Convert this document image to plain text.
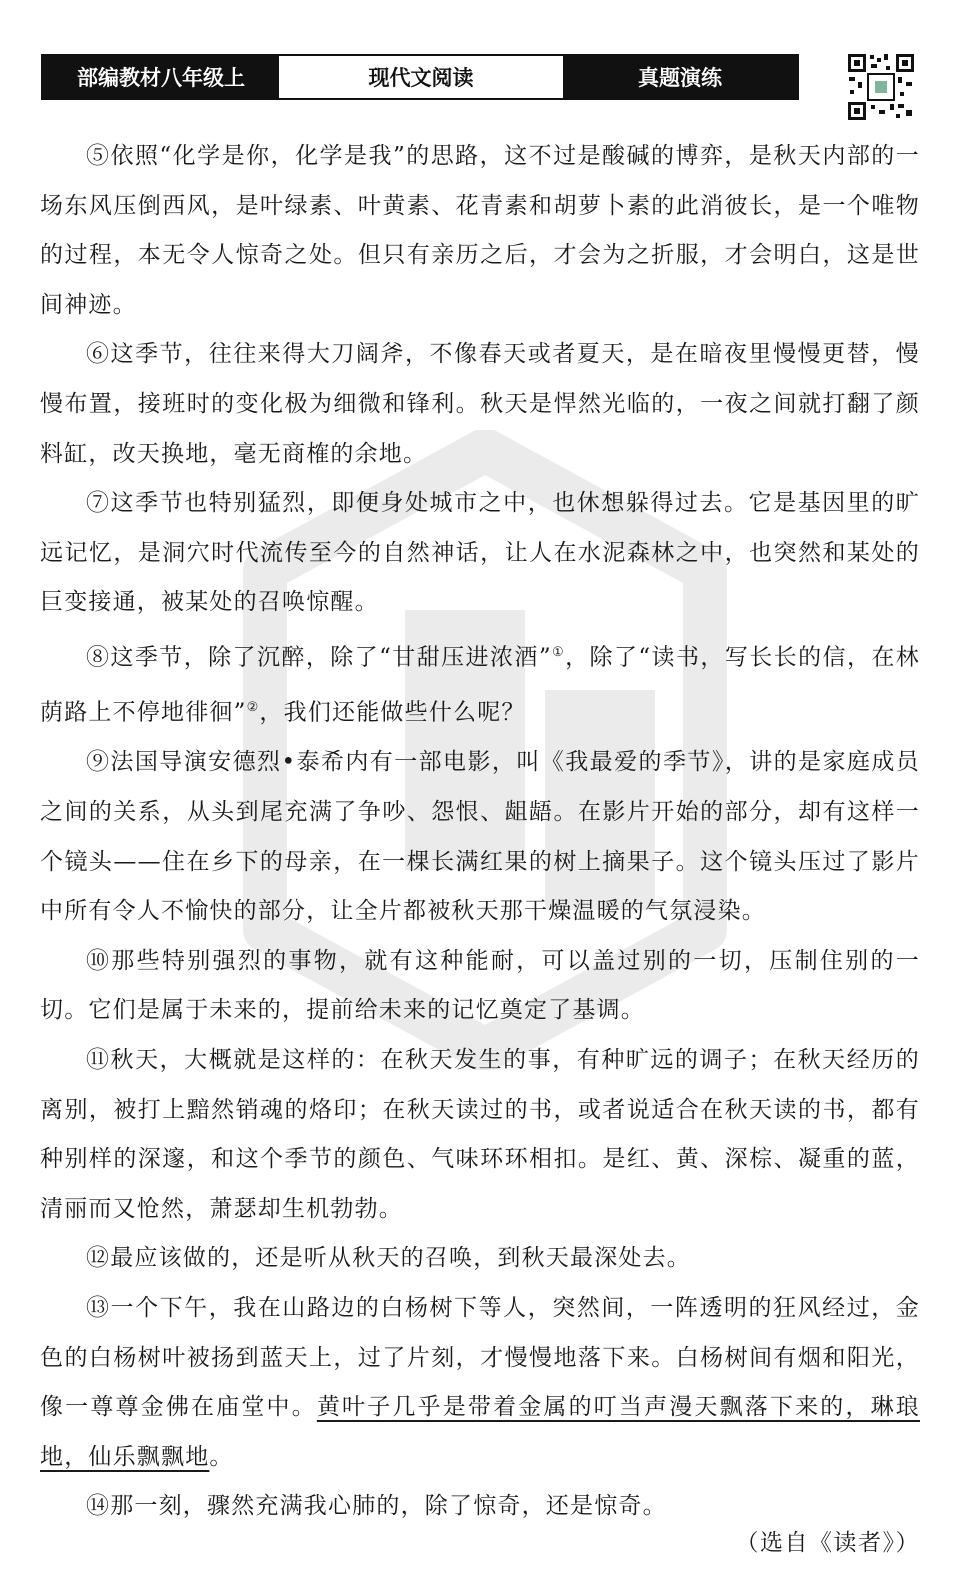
部编教材八年级上	现代文阅读	真题演练

⑤依照“化学是你，化学是我”的思路，这不过是酸碱的博弈，是秋天内部的一场东风压倒西风，是叶绿素、叶黄素、花青素和胡萝卜素的此消彼长，是一个唯物的过程，本无令人惊奇之处。但只有亲历之后，才会为之折服，才会明白，这是世间神迹。

⑥这季节，往往来得大刀阔斧，不像春天或者夏天，是在暗夜里慢慢更替，慢慢布置，接班时的变化极为细微和锋利。秋天是悍然光临的，一夜之间就打翻了颜料缸，改天换地，毫无商榷的余地。

⑦这季节也特别猛烈，即便身处城市之中，也休想躲得过去。它是基因里的旷远记忆，是洞穴时代流传至今的自然神话，让人在水泥森林之中，也突然和某处的巨变接通，被某处的召唤惊醒。

⑧这季节，除了沉醉，除了“甘甜压进浓酒”①，除了“读书，写长长的信，在林荫路上不停地徘徊”②，我们还能做些什么呢？

⑨法国导演安德烈•泰希内有一部电影，叫《我最爱的季节》，讲的是家庭成员之间的关系，从头到尾充满了争吵、怨恨、龃龉。在影片开始的部分，却有这样一个镜头——住在乡下的母亲，在一棵长满红果的树上摘果子。这个镜头压过了影片中所有令人不愉快的部分，让全片都被秋天那干燥温暖的气氛浸染。

⑩那些特别强烈的事物，就有这种能耐，可以盖过别的一切，压制住别的一切。它们是属于未来的，提前给未来的记忆奠定了基调。

⑪秋天，大概就是这样的：在秋天发生的事，有种旷远的调子；在秋天经历的离别，被打上黯然销魂的烙印；在秋天读过的书，或者说适合在秋天读的书，都有种别样的深邃，和这个季节的颜色、气味环环相扣。是红、黄、深棕、凝重的蓝，清丽而又怆然，萧瑟却生机勃勃。

⑫最应该做的，还是听从秋天的召唤，到秋天最深处去。

⑬一个下午，我在山路边的白杨树下等人，突然间，一阵透明的狂风经过，金色的白杨树叶被扬到蓝天上，过了片刻，才慢慢地落下来。白杨树间有烟和阳光，像一尊尊金佛在庙堂中。黄叶子几乎是带着金属的叮当声漫天飘落下来的，琳琅地，仙乐飘飘地。

⑭那一刻，骤然充满我心肺的，除了惊奇，还是惊奇。

（选自《读者》）
